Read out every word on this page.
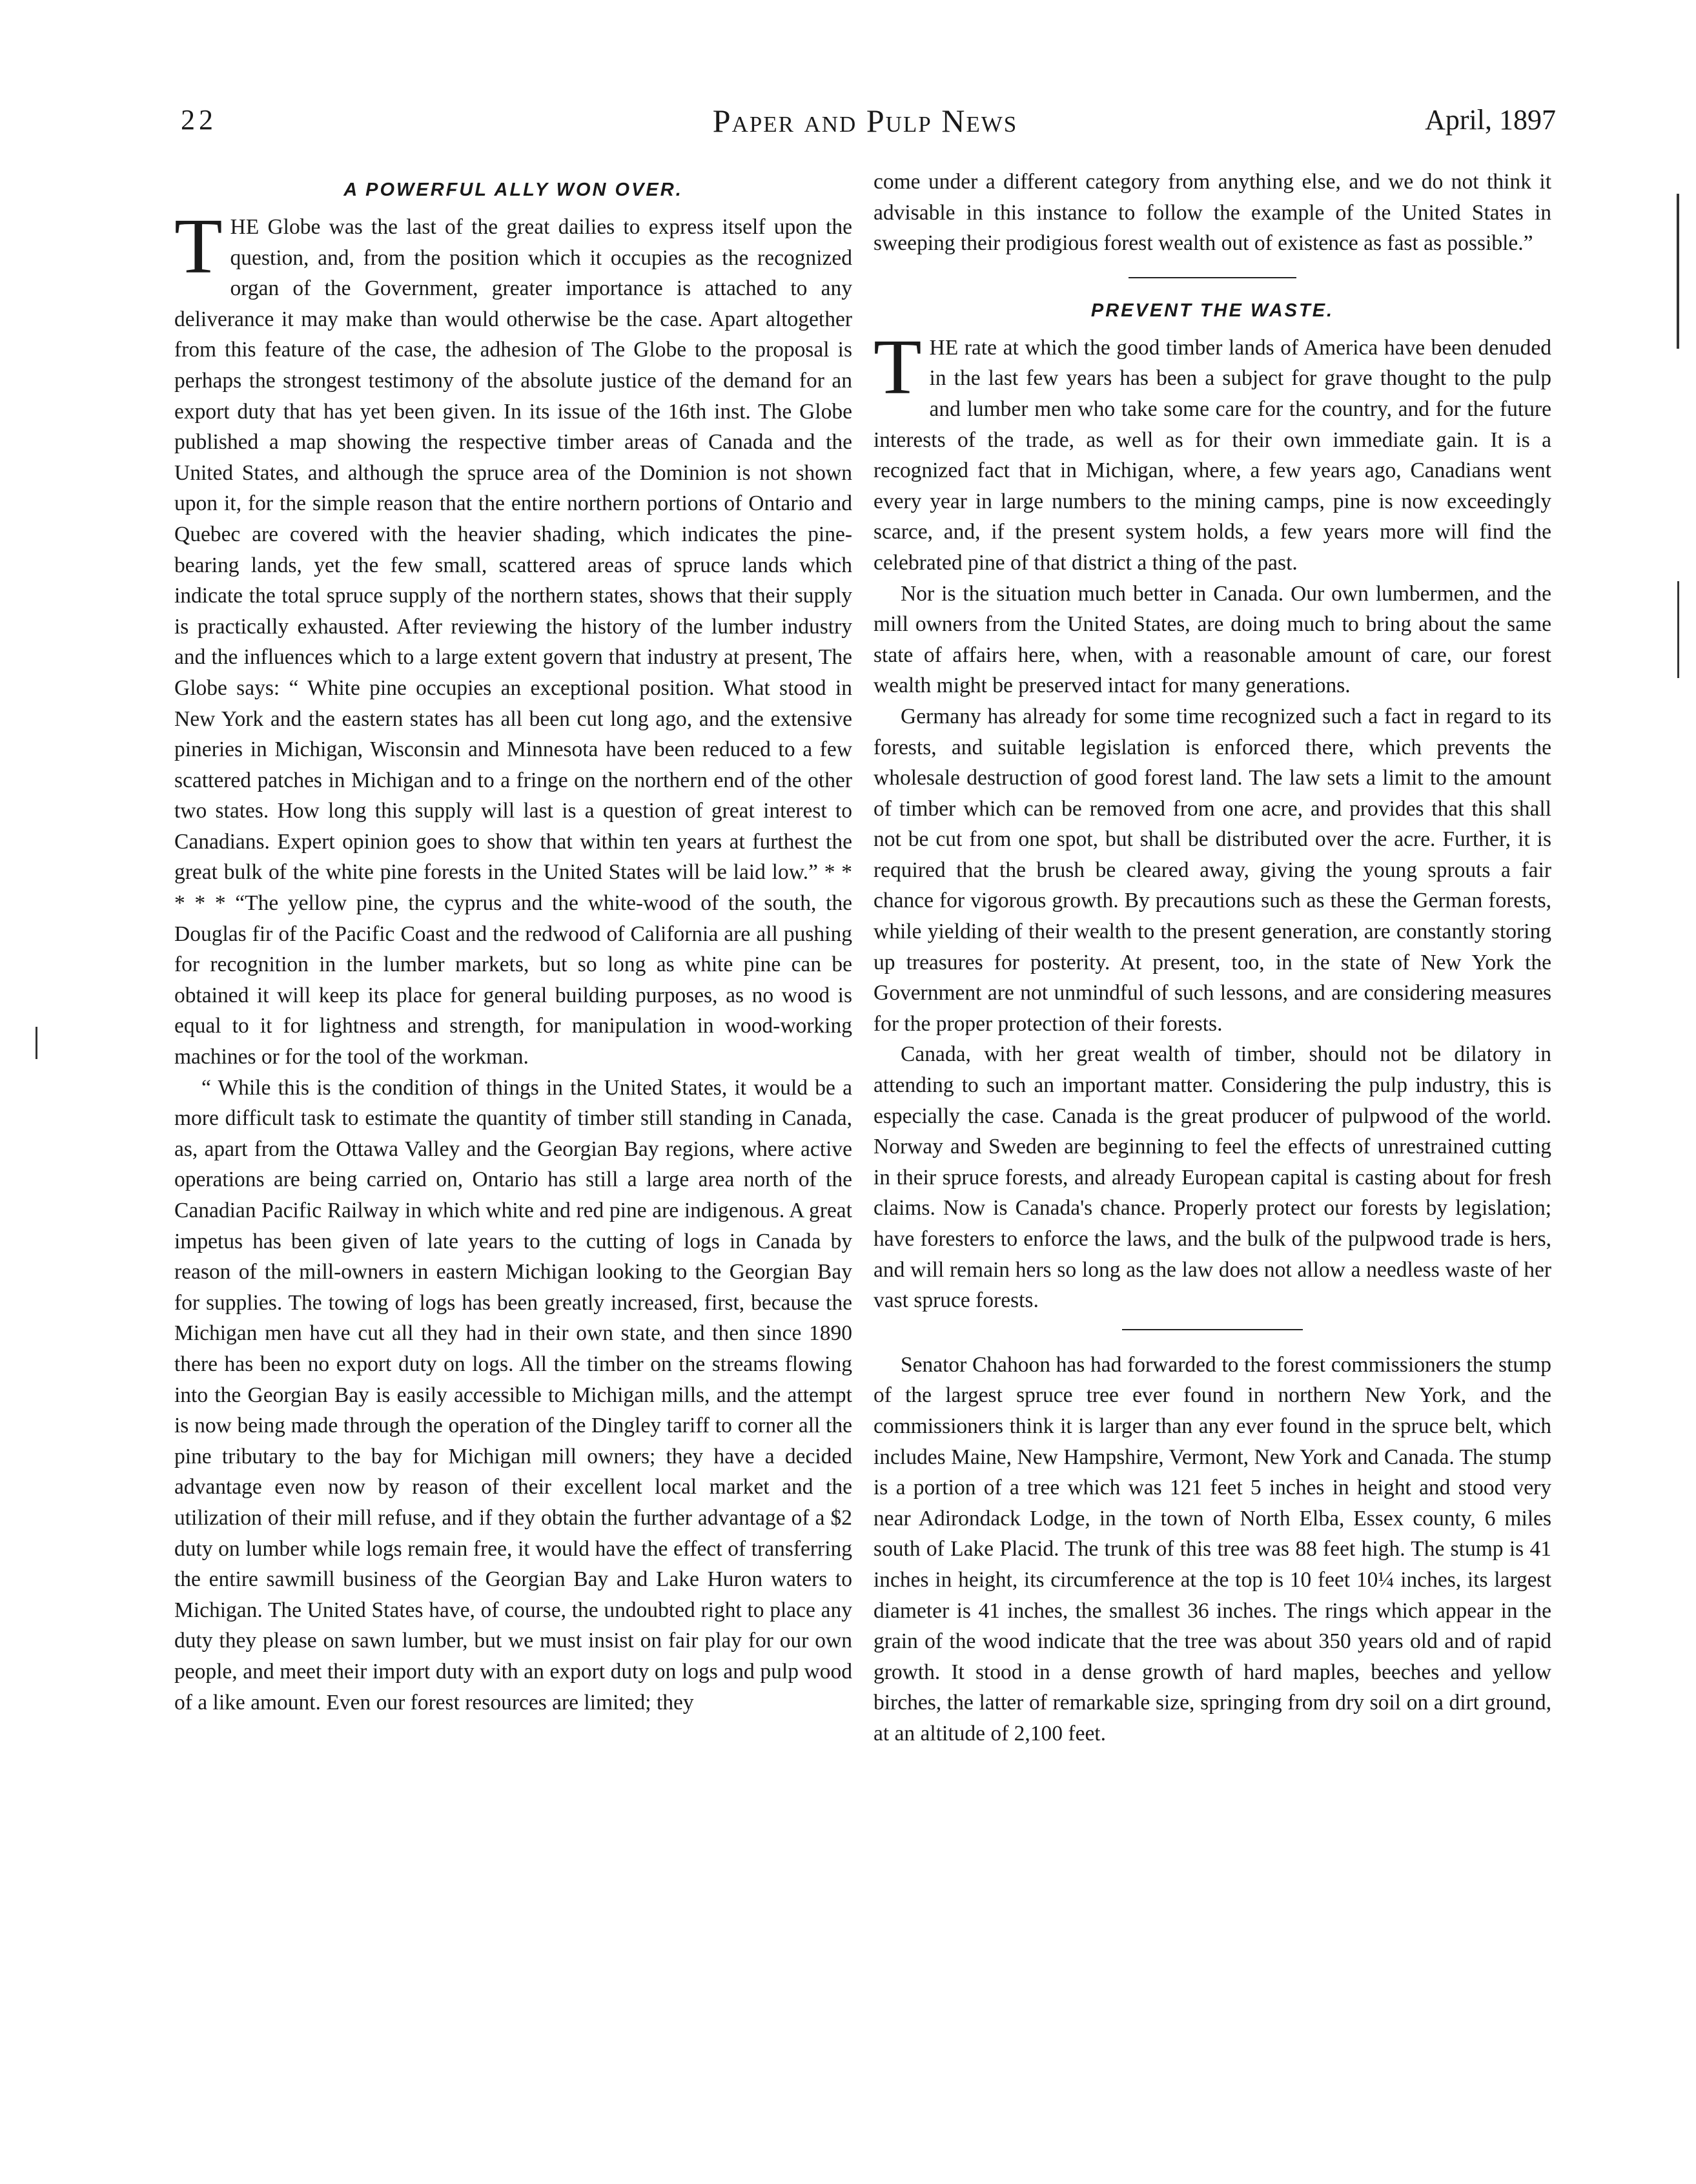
22	Paper and Pulp News	April, 1897
A POWERFUL ALLY WON OVER.

THE Globe was the last of the great dailies to express itself upon the question, and, from the position which it occupies as the recognized organ of the Government, greater importance is attached to any deliverance it may make than would otherwise be the case. Apart altogether from this feature of the case, the adhesion of The Globe to the proposal is perhaps the strongest testimony of the absolute justice of the demand for an export duty that has yet been given. In its issue of the 16th inst. The Globe published a map showing the respective timber areas of Canada and the United States, and although the spruce area of the Dominion is not shown upon it, for the simple reason that the entire northern portions of Ontario and Quebec are covered with the heavier shading, which indicates the pine-bearing lands, yet the few small, scattered areas of spruce lands which indicate the total spruce supply of the northern states, shows that their supply is practically exhausted. After reviewing the history of the lumber industry and the influences which to a large extent govern that industry at present, The Globe says: “ White pine occupies an exceptional position. What stood in New York and the eastern states has all been cut long ago, and the extensive pineries in Michigan, Wisconsin and Minnesota have been reduced to a few scattered patches in Michigan and to a fringe on the northern end of the other two states. How long this supply will last is a question of great interest to Canadians. Expert opinion goes to show that within ten years at furthest the great bulk of the white pine forests in the United States will be laid low.” * * * * * “The yellow pine, the cyprus and the white-wood of the south, the Douglas fir of the Pacific Coast and the redwood of California are all pushing for recognition in the lumber markets, but so long as white pine can be obtained it will keep its place for general building purposes, as no wood is equal to it for lightness and strength, for manipulation in wood-working machines or for the tool of the workman.

“ While this is the condition of things in the United States, it would be a more difficult task to estimate the quantity of timber still standing in Canada, as, apart from the Ottawa Valley and the Georgian Bay regions, where active operations are being carried on, Ontario has still a large area north of the Canadian Pacific Railway in which white and red pine are indigenous. A great impetus has been given of late years to the cutting of logs in Canada by reason of the mill-owners in eastern Michigan looking to the Georgian Bay for supplies. The towing of logs has been greatly increased, first, because the Michigan men have cut all they had in their own state, and then since 1890 there has been no export duty on logs. All the timber on the streams flowing into the Georgian Bay is easily accessible to Michigan mills, and the attempt is now being made through the operation of the Dingley tariff to corner all the pine tributary to the bay for Michigan mill owners; they have a decided advantage even now by reason of their excellent local market and the utilization of their mill refuse, and if they obtain the further advantage of a $2 duty on lumber while logs remain free, it would have the effect of transferring the entire sawmill business of the Georgian Bay and Lake Huron waters to Michigan. The United States have, of course, the undoubted right to place any duty they please on sawn lumber, but we must insist on fair play for our own people, and meet their import duty with an export duty on logs and pulp wood of a like amount. Even our forest resources are limited; they

come under a different category from anything else, and we do not think it advisable in this instance to follow the example of the United States in sweeping their prodigious forest wealth out of existence as fast as possible.”

PREVENT THE WASTE.

THE rate at which the good timber lands of America have been denuded in the last few years has been a subject for grave thought to the pulp and lumber men who take some care for the country, and for the future interests of the trade, as well as for their own immediate gain. It is a recognized fact that in Michigan, where, a few years ago, Canadians went every year in large numbers to the mining camps, pine is now exceedingly scarce, and, if the present system holds, a few years more will find the celebrated pine of that district a thing of the past.

Nor is the situation much better in Canada. Our own lumbermen, and the mill owners from the United States, are doing much to bring about the same state of affairs here, when, with a reasonable amount of care, our forest wealth might be preserved intact for many generations.

Germany has already for some time recognized such a fact in regard to its forests, and suitable legislation is enforced there, which prevents the wholesale destruction of good forest land. The law sets a limit to the amount of timber which can be removed from one acre, and provides that this shall not be cut from one spot, but shall be distributed over the acre. Further, it is required that the brush be cleared away, giving the young sprouts a fair chance for vigorous growth. By precautions such as these the German forests, while yielding of their wealth to the present generation, are constantly storing up treasures for posterity. At present, too, in the state of New York the Government are not unmindful of such lessons, and are considering measures for the proper protection of their forests.

Canada, with her great wealth of timber, should not be dilatory in attending to such an important matter. Considering the pulp industry, this is especially the case. Canada is the great producer of pulpwood of the world. Norway and Sweden are beginning to feel the effects of unrestrained cutting in their spruce forests, and already European capital is casting about for fresh claims. Now is Canada's chance. Properly protect our forests by legislation; have foresters to enforce the laws, and the bulk of the pulpwood trade is hers, and will remain hers so long as the law does not allow a needless waste of her vast spruce forests.

Senator Chahoon has had forwarded to the forest commissioners the stump of the largest spruce tree ever found in northern New York, and the commissioners think it is larger than any ever found in the spruce belt, which includes Maine, New Hampshire, Vermont, New York and Canada. The stump is a portion of a tree which was 121 feet 5 inches in height and stood very near Adirondack Lodge, in the town of North Elba, Essex county, 6 miles south of Lake Placid. The trunk of this tree was 88 feet high. The stump is 41 inches in height, its circumference at the top is 10 feet 10¼ inches, its largest diameter is 41 inches, the smallest 36 inches. The rings which appear in the grain of the wood indicate that the tree was about 350 years old and of rapid growth. It stood in a dense growth of hard maples, beeches and yellow birches, the latter of remarkable size, springing from dry soil on a dirt ground, at an altitude of 2,100 feet.
